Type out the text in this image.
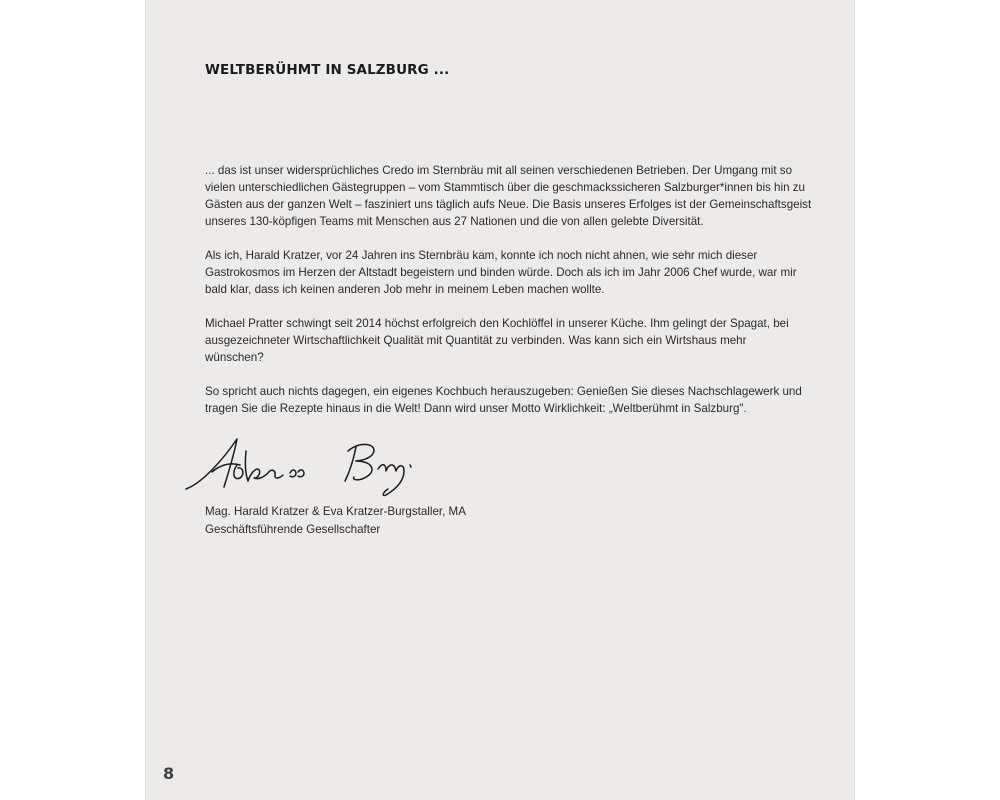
WELTBERÜHMT IN SALZBURG ...

... das ist unser widersprüchliches Credo im Sternbräu mit all seinen verschiedenen Betrieben. Der Umgang mit so
vielen unterschiedlichen Gästegruppen – vom Stammtisch über die geschmackssicheren Salzburger*innen bis hin zu
Gästen aus der ganzen Welt – fasziniert uns täglich aufs Neue. Die Basis unseres Erfolges ist der Gemeinschaftsgeist
unseres 130-köpfigen Teams mit Menschen aus 27 Nationen und die von allen gelebte Diversität.

Als ich, Harald Kratzer, vor 24 Jahren ins Sternbräu kam, konnte ich noch nicht ahnen, wie sehr mich dieser
Gastrokosmos im Herzen der Altstadt begeistern und binden würde. Doch als ich im Jahr 2006 Chef wurde, war mir
bald klar, dass ich keinen anderen Job mehr in meinem Leben machen wollte.

Michael Pratter schwingt seit 2014 höchst erfolgreich den Kochlöffel in unserer Küche. Ihm gelingt der Spagat, bei
ausgezeichneter Wirtschaftlichkeit Qualität mit Quantität zu verbinden. Was kann sich ein Wirtshaus mehr
wünschen?

So spricht auch nichts dagegen, ein eigenes Kochbuch herauszugeben: Genießen Sie dieses Nachschlagewerk und
tragen Sie die Rezepte hinaus in die Welt! Dann wird unser Motto Wirklichkeit: „Weltberühmt in Salzburg".

Mag. Harald Kratzer & Eva Kratzer-Burgstaller, MA
Geschäftsführende Gesellschafter
8
